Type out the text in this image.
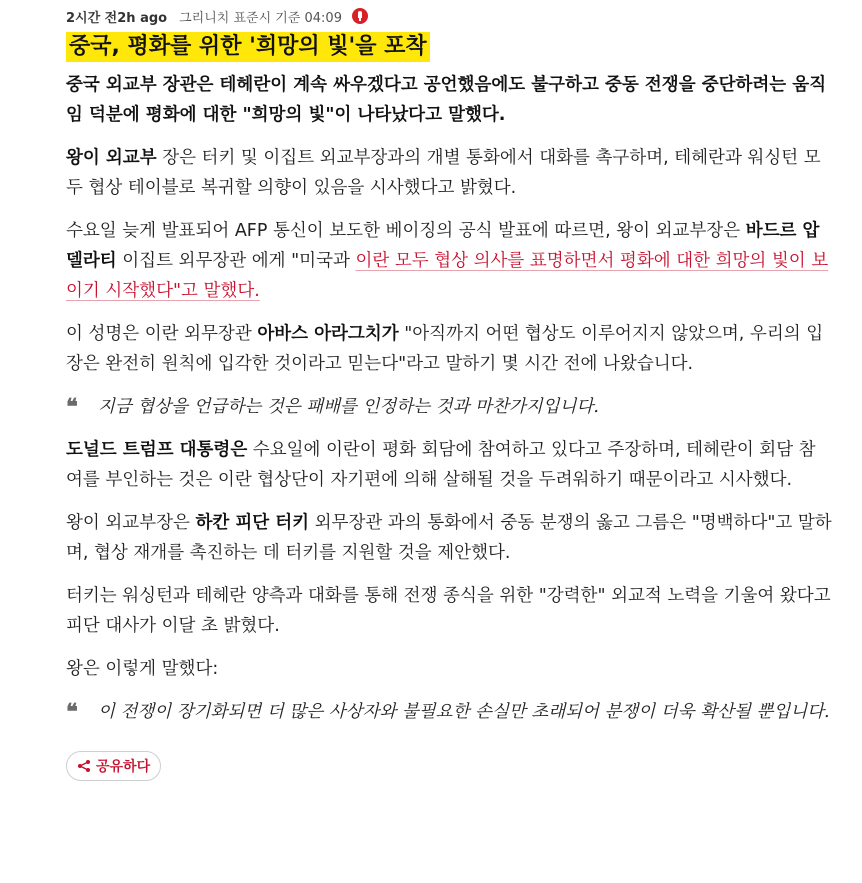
2시간 전2h ago 그리니치 표준시 기준 04:09
중국, 평화를 위한 '희망의 빛'을 포착

중국 외교부 장관은 테헤란이 계속 싸우겠다고 공언했음에도 불구하고 중동 전쟁을 중단하려는 움직임 덕분에 평화에 대한 "희망의 빛"이 나타났다고 말했다.

왕이 외교부 장은 터키 및 이집트 외교부장과의 개별 통화에서 대화를 촉구하며, 테헤란과 워싱턴 모두 협상 테이블로 복귀할 의향이 있음을 시사했다고 밝혔다.

수요일 늦게 발표되어 AFP 통신이 보도한 베이징의 공식 발표에 따르면, 왕이 외교부장은 바드르 압델라티 이집트 외무장관 에게 "미국과 이란 모두 협상 의사를 표명하면서 평화에 대한 희망의 빛이 보이기 시작했다"고 말했다.

이 성명은 이란 외무장관 아바스 아라그치가 "아직까지 어떤 협상도 이루어지지 않았으며, 우리의 입장은 완전히 원칙에 입각한 것이라고 믿는다"라고 말하기 몇 시간 전에 나왔습니다.

❝	지금 협상을 언급하는 것은 패배를 인정하는 것과 마찬가지입니다.

도널드 트럼프 대통령은 수요일에 이란이 평화 회담에 참여하고 있다고 주장하며, 테헤란이 회담 참여를 부인하는 것은 이란 협상단이 자기편에 의해 살해될 것을 두려워하기 때문이라고 시사했다.

왕이 외교부장은 하칸 피단 터키 외무장관 과의 통화에서 중동 분쟁의 옳고 그름은 "명백하다"고 말하며, 협상 재개를 촉진하는 데 터키를 지원할 것을 제안했다.

터키는 워싱턴과 테헤란 양측과 대화를 통해 전쟁 종식을 위한 "강력한" 외교적 노력을 기울여 왔다고 피단 대사가 이달 초 밝혔다.

왕은 이렇게 말했다:

❝	이 전쟁이 장기화되면 더 많은 사상자와 불필요한 손실만 초래되어 분쟁이 더욱 확산될 뿐입니다.

공유하다
